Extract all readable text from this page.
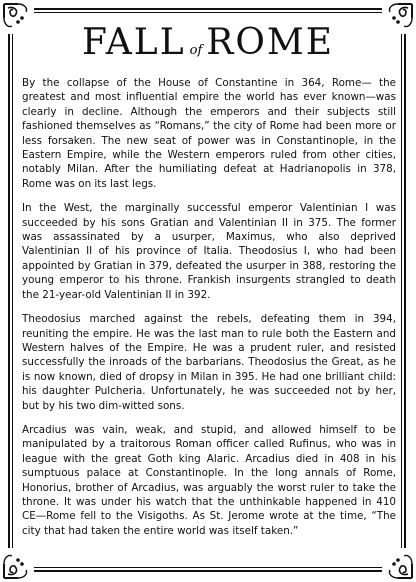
FALL of ROME

By the collapse of the House of Constantine in 364, Rome— the greatest and most influential empire the world has ever known—was clearly in decline. Although the emperors and their subjects still fashioned themselves as “Romans,” the city of Rome had been more or less forsaken. The new seat of power was in Constantinople, in the Eastern Empire, while the Western emperors ruled from other cities, notably Milan. After the humiliating defeat at Hadrianopolis in 378, Rome was on its last legs.

In the West, the marginally successful emperor Valentinian I was succeeded by his sons Gratian and Valentinian II in 375. The former was assassinated by a usurper, Maximus, who also deprived Valentinian II of his province of Italia. Theodosius I, who had been appointed by Gratian in 379, defeated the usurper in 388, restoring the young emperor to his throne. Frankish insurgents strangled to death the 21-year-old Valentinian II in 392.

Theodosius marched against the rebels, defeating them in 394, reuniting the empire. He was the last man to rule both the Eastern and Western halves of the Empire. He was a prudent ruler, and resisted successfully the inroads of the barbarians. Theodosius the Great, as he is now known, died of dropsy in Milan in 395. He had one brilliant child: his daughter Pulcheria. Unfortunately, he was succeeded not by her, but by his two dim-witted sons.

Arcadius was vain, weak, and stupid, and allowed himself to be manipulated by a traitorous Roman officer called Rufinus, who was in league with the great Goth king Alaric. Arcadius died in 408 in his sumptuous palace at Constantinople. In the long annals of Rome, Honorius, brother of Arcadius, was arguably the worst ruler to take the throne. It was under his watch that the unthinkable happened in 410 CE—Rome fell to the Visigoths. As St. Jerome wrote at the time, “The city that had taken the entire world was itself taken.”
